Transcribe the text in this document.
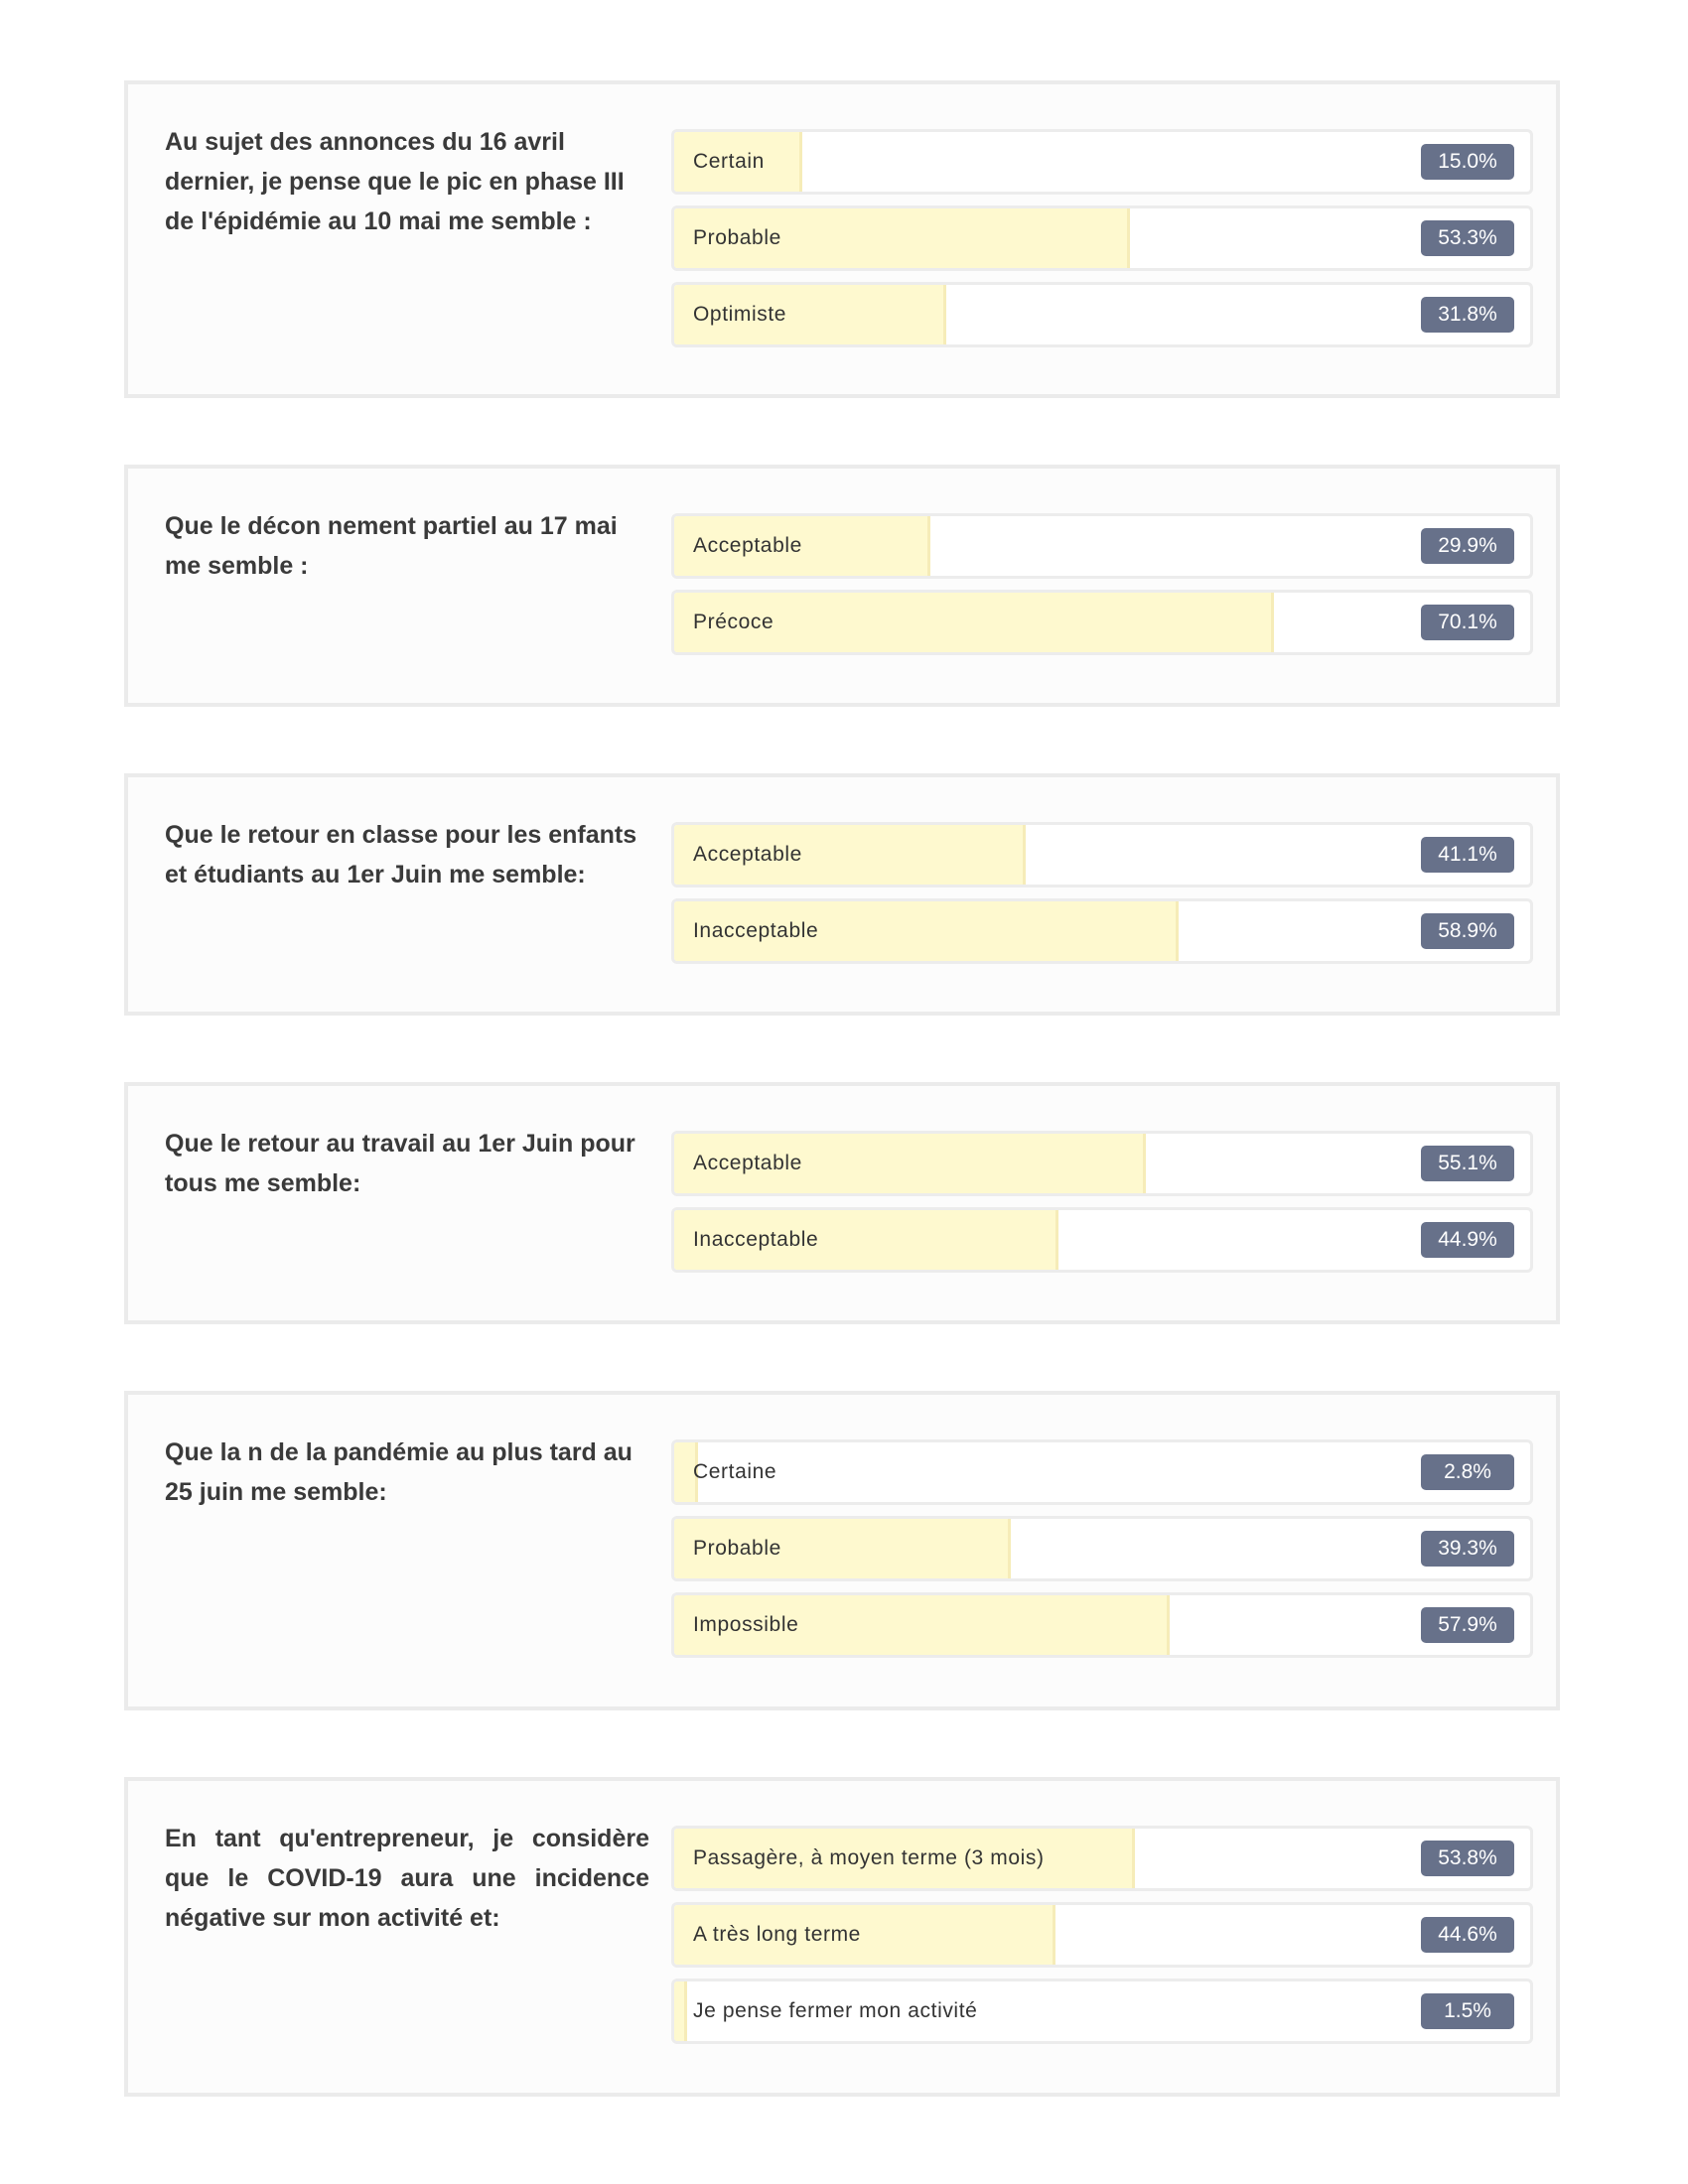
Au sujet des annonces du 16 avril dernier, je pense que le pic en phase III de l'épidémie au 10 mai me semble :

Certain	15.0%
Probable	53.3%
Optimiste	31.8%

Que le décon nement partiel au 17 mai me semble :

Acceptable	29.9%
Précoce	70.1%

Que le retour en classe pour les enfants et étudiants au 1er Juin me semble:

Acceptable	41.1%
Inacceptable	58.9%

Que le retour au travail au 1er Juin pour tous me semble:

Acceptable	55.1%
Inacceptable	44.9%

Que la n de la pandémie au plus tard au 25 juin me semble:

Certaine	2.8%
Probable	39.3%
Impossible	57.9%

En tant qu'entrepreneur, je considère que le COVID-19 aura une incidence négative sur mon activité et:

Passagère, à moyen terme (3 mois)	53.8%
A très long terme	44.6%
Je pense fermer mon activité	1.5%
